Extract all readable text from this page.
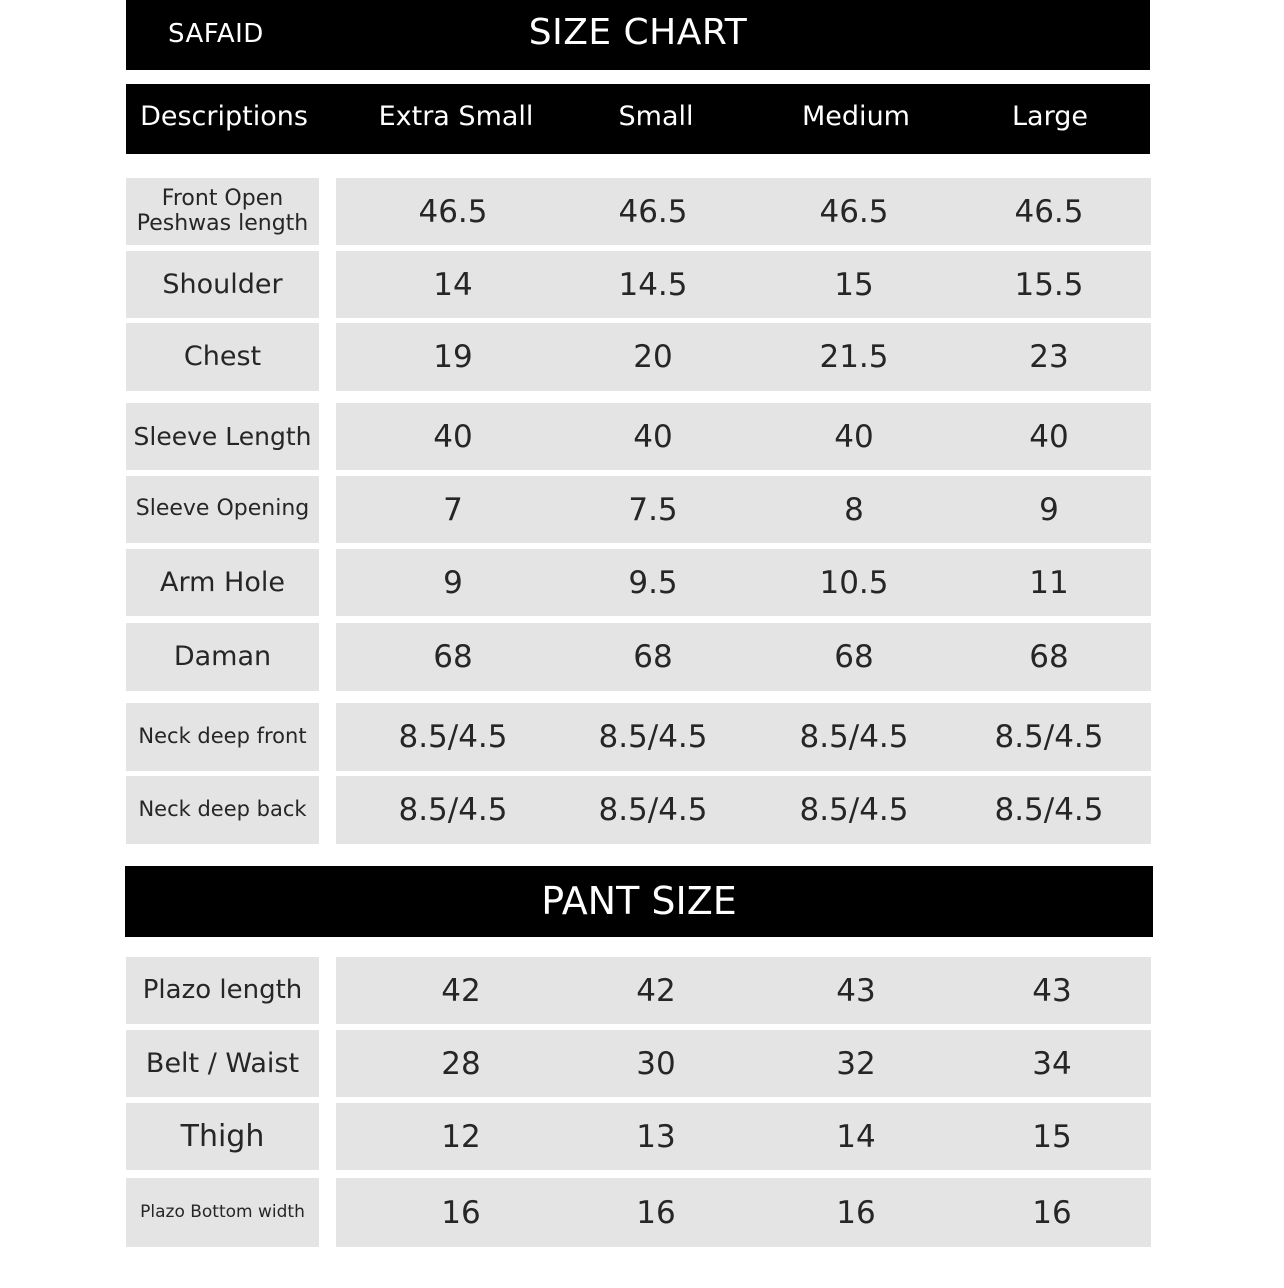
SAFAID	SIZE CHART
Descriptions	Extra Small	Small	Medium	Large
Front Open Peshwas length	46.5	46.5	46.5	46.5
Shoulder	14	14.5	15	15.5
Chest	19	20	21.5	23
Sleeve Length	40	40	40	40
Sleeve Opening	7	7.5	8	9
Arm Hole	9	9.5	10.5	11
Daman	68	68	68	68
Neck deep front	8.5/4.5	8.5/4.5	8.5/4.5	8.5/4.5
Neck deep back	8.5/4.5	8.5/4.5	8.5/4.5	8.5/4.5
PANT SIZE
Plazo length	42	42	43	43
Belt / Waist	28	30	32	34
Thigh	12	13	14	15
Plazo Bottom width	16	16	16	16
